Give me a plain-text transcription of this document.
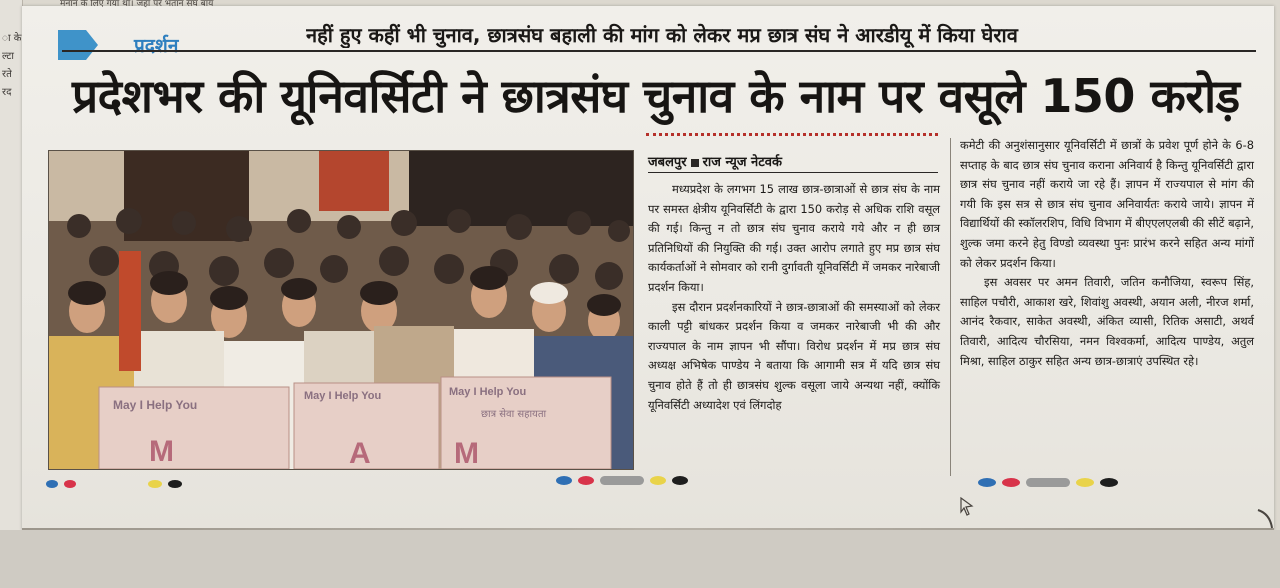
ा के
ल्टा
रते
रद
मनान के लिए गया था। जहा पर भतान संघ बाय
प्रदर्शन	नहीं हुए कहीं भी चुनाव, छात्रसंघ बहाली की मांग को लेकर मप्र छात्र संघ ने आरडीयू में किया घेराव
प्रदेशभर की यूनिवर्सिटी ने छात्रसंघ चुनाव के नाम पर वसूले 150 करोड़
May I Help You
M
May I Help You
A
May I Help You
छात्र सेवा सहायता
M
जबलपुर राज न्यूज नेटवर्क

मध्यप्रदेश के लगभग 15 लाख छात्र-छात्राओं से छात्र संघ के नाम पर समस्त क्षेत्रीय यूनिवर्सिटी के द्वारा 150 करोड़ से अधिक राशि वसूल की गई। किन्तु न तो छात्र संघ चुनाव कराये गये और न ही छात्र प्रतिनिधियों की नियुक्ति की गई। उक्त आरोप लगाते हुए मप्र छात्र संघ कार्यकर्ताओं ने सोमवार को रानी दुर्गावती यूनिवर्सिटी में जमकर नारेबाजी प्रदर्शन किया।

इस दौरान प्रदर्शनकारियों ने छात्र-छात्राओं की समस्याओं को लेकर काली पट्टी बांधकर प्रदर्शन किया व जमकर नारेबाजी भी की और राज्यपाल के नाम ज्ञापन भी सौंपा। विरोध प्रदर्शन में मप्र छात्र संघ अध्यक्ष अभिषेक पाण्डेय ने बताया कि आगामी सत्र में यदि छात्र संघ चुनाव होते हैं तो ही छात्रसंघ शुल्क वसूला जाये अन्यथा नहीं, क्योंकि यूनिवर्सिटी अध्यादेश एवं लिंगदोह

कमेटी की अनुशंसानुसार यूनिवर्सिटी में छात्रों के प्रवेश पूर्ण होने के 6-8 सप्ताह के बाद छात्र संघ चुनाव कराना अनिवार्य है किन्तु यूनिवर्सिटी द्वारा छात्र संघ चुनाव नहीं कराये जा रहे हैं। ज्ञापन में राज्यपाल से मांग की गयी कि इस सत्र से छात्र संघ चुनाव अनिवार्यतः कराये जाये। ज्ञापन में विद्यार्थियों की स्कॉलरशिप, विधि विभाग में बीएएलएलबी की सीटें बढ़ाने, शुल्क जमा करने हेतु विण्डो व्यवस्था पुनः प्रारंभ करने सहित अन्य मांगों को लेकर प्रदर्शन किया।

इस अवसर पर अमन तिवारी, जतिन कनौजिया, स्वरूप सिंह, साहिल पचौरी, आकाश खरे, शिवांशु अवस्थी, अयान अली, नीरज शर्मा, आनंद रैकवार, साकेत अवस्थी, अंकित व्यासी, रितिक असाटी, अथर्व तिवारी, आदित्य चौरसिया, नमन विश्वकर्मा, आदित्य पाण्डेय, अतुल मिश्रा, साहिल ठाकुर सहित अन्य छात्र-छात्राएं उपस्थित रहे।
